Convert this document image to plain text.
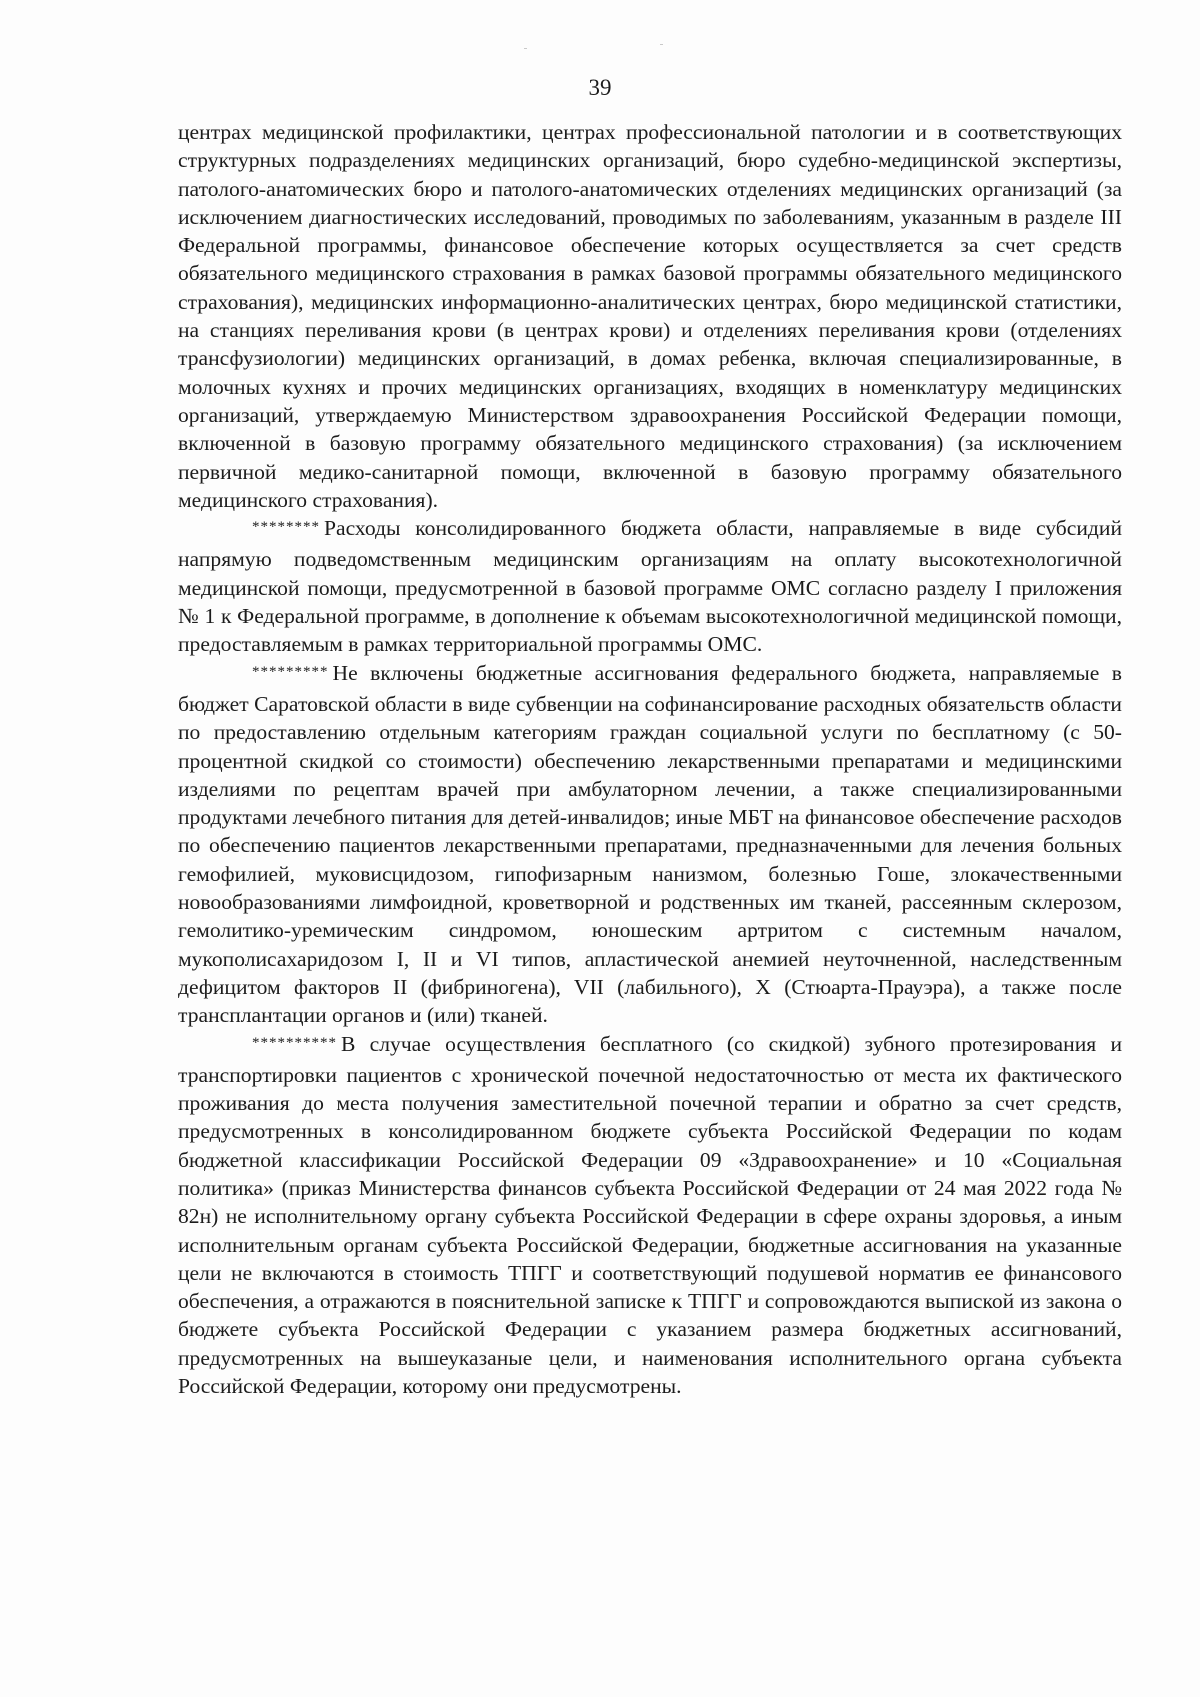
39

центрах медицинской профилактики, центрах профессиональной патологии и в соответствующих структурных подразделениях медицинских организаций, бюро судебно-медицинской экспертизы, патолого-анатомических бюро и патолого-анатомических отделениях медицинских организаций (за исключением диагностических исследований, проводимых по заболеваниям, указанным в разделе III Федеральной программы, финансовое обеспечение которых осуществляется за счет средств обязательного медицинского страхования в рамках базовой программы обязательного медицинского страхования), медицинских информационно-аналитических центрах, бюро медицинской статистики, на станциях переливания крови (в центрах крови) и отделениях переливания крови (отделениях трансфузиологии) медицинских организаций, в домах ребенка, включая специализированные, в молочных кухнях и прочих медицинских организациях, входящих в номенклатуру медицинских организаций, утверждаемую Министерством здравоохранения Российской Федерации помощи, включенной в базовую программу обязательного медицинского страхования) (за исключением первичной медико-санитарной помощи, включенной в базовую программу обязательного медицинского страхования).

******** Расходы консолидированного бюджета области, направляемые в виде субсидий напрямую подведомственным медицинским организациям на оплату высокотехнологичной медицинской помощи, предусмотренной в базовой программе ОМС согласно разделу I приложения № 1 к Федеральной программе, в дополнение к объемам высокотехнологичной медицинской помощи, предоставляемым в рамках территориальной программы ОМС.

********* Не включены бюджетные ассигнования федерального бюджета, направляемые в бюджет Саратовской области в виде субвенции на софинансирование расходных обязательств области по предоставлению отдельным категориям граждан социальной услуги по бесплатному (с 50-процентной скидкой со стоимости) обеспечению лекарственными препаратами и медицинскими изделиями по рецептам врачей при амбулаторном лечении, а также специализированными продуктами лечебного питания для детей-инвалидов; иные МБТ на финансовое обеспечение расходов по обеспечению пациентов лекарственными препаратами, предназначенными для лечения больных гемофилией, муковисцидозом, гипофизарным нанизмом, болезнью Гоше, злокачественными новообразованиями лимфоидной, кроветворной и родственных им тканей, рассеянным склерозом, гемолитико-уремическим синдромом, юношеским артритом с системным началом, мукополисахаридозом I, II и VI типов, апластической анемией неуточненной, наследственным дефицитом факторов II (фибриногена), VII (лабильного), X (Стюарта-Прауэра), а также после трансплантации органов и (или) тканей.

********** В случае осуществления бесплатного (со скидкой) зубного протезирования и транспортировки пациентов с хронической почечной недостаточностью от места их фактического проживания до места получения заместительной почечной терапии и обратно за счет средств, предусмотренных в консолидированном бюджете субъекта Российской Федерации по кодам бюджетной классификации Российской Федерации 09 «Здравоохранение» и 10 «Социальная политика» (приказ Министерства финансов субъекта Российской Федерации от 24 мая 2022 года № 82н) не исполнительному органу субъекта Российской Федерации в сфере охраны здоровья, а иным исполнительным органам субъекта Российской Федерации, бюджетные ассигнования на указанные цели не включаются в стоимость ТПГГ и соответствующий подушевой норматив ее финансового обеспечения, а отражаются в пояснительной записке к ТПГГ и сопровождаются выпиской из закона о бюджете субъекта Российской Федерации с указанием размера бюджетных ассигнований, предусмотренных на вышеуказаные цели, и наименования исполнительного органа субъекта Российской Федерации, которому они предусмотрены.
